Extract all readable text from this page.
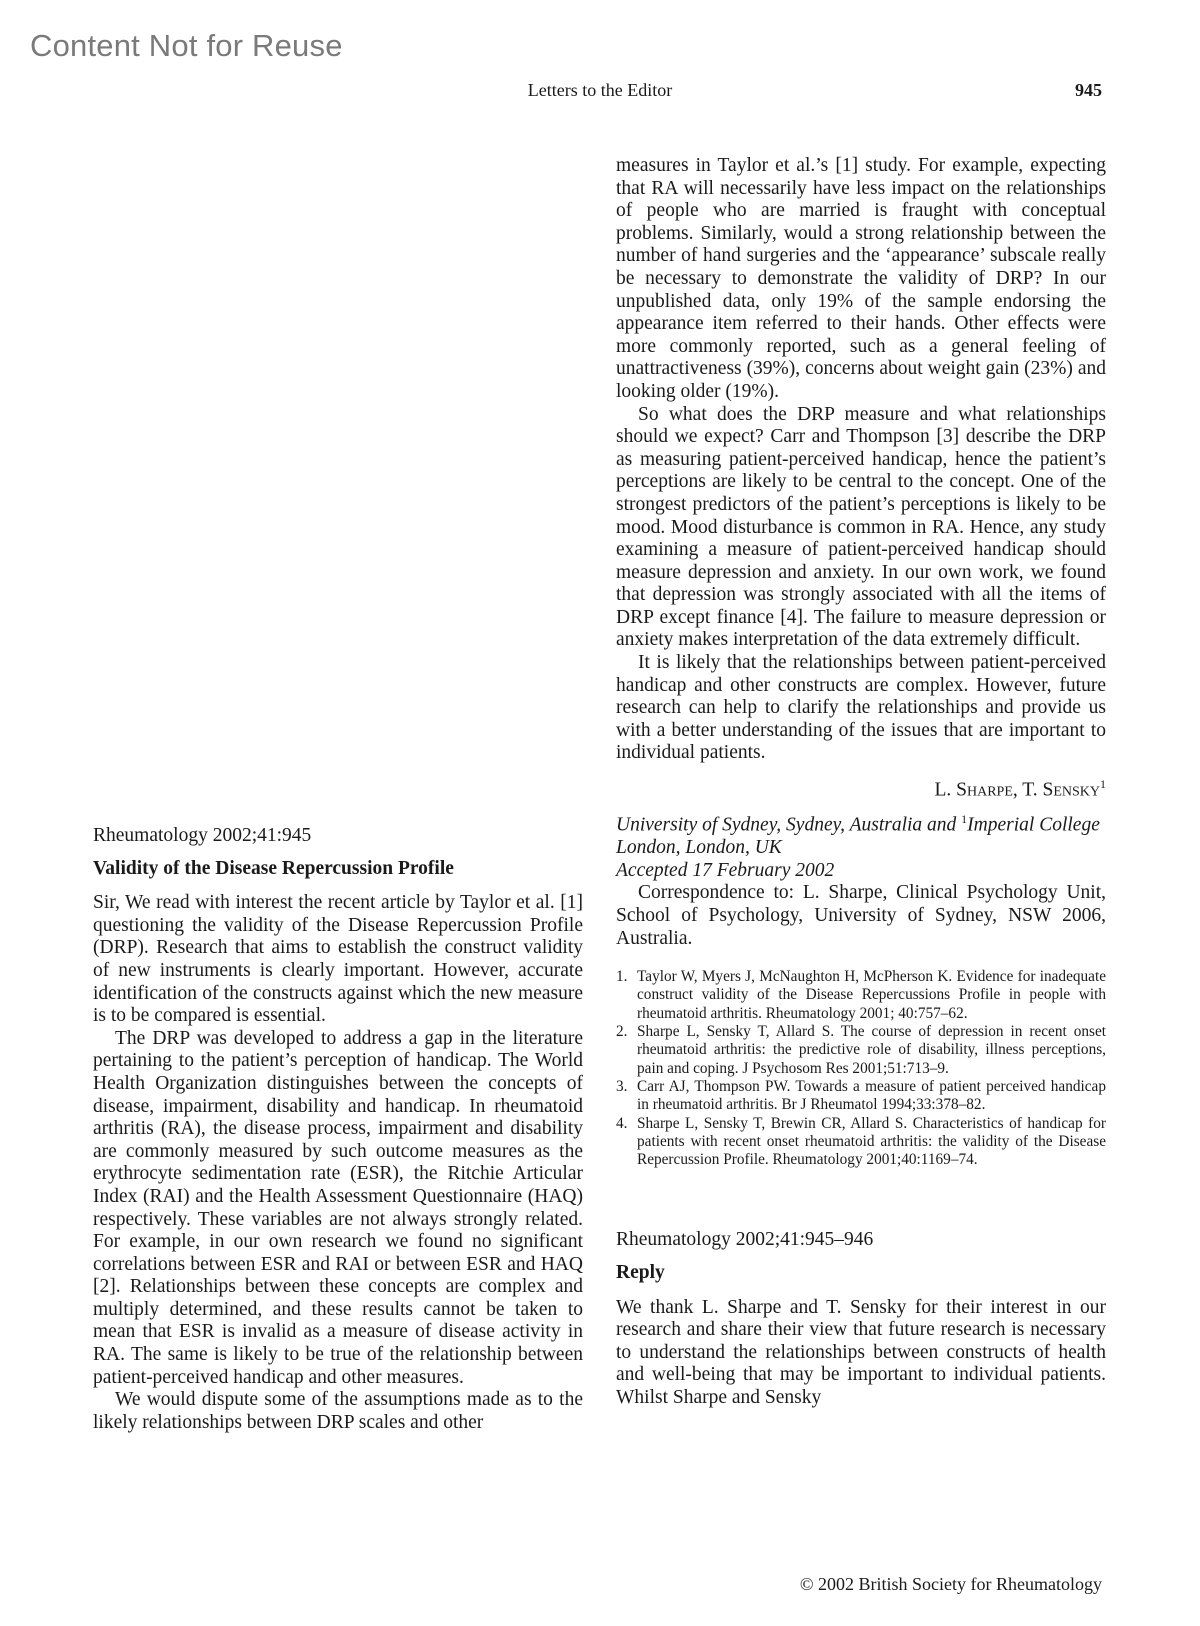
Content Not for Reuse
Letters to the Editor	945

Rheumatology 2002;41:945

Validity of the Disease Repercussion Profile

Sir, We read with interest the recent article by Taylor et al. [1] questioning the validity of the Disease Repercussion Profile (DRP). Research that aims to establish the construct validity of new instruments is clearly important. However, accurate identification of the constructs against which the new measure is to be compared is essential.

The DRP was developed to address a gap in the literature pertaining to the patient’s perception of handicap. The World Health Organization distinguishes between the concepts of disease, impairment, disability and handicap. In rheumatoid arthritis (RA), the disease process, impairment and disability are commonly measured by such outcome measures as the erythrocyte sedimentation rate (ESR), the Ritchie Articular Index (RAI) and the Health Assessment Questionnaire (HAQ) respectively. These variables are not always strongly related. For example, in our own research we found no significant correlations between ESR and RAI or between ESR and HAQ [2]. Relationships between these concepts are complex and multiply determined, and these results cannot be taken to mean that ESR is invalid as a measure of disease activity in RA. The same is likely to be true of the relationship between patient-perceived handicap and other measures.

We would dispute some of the assumptions made as to the likely relationships between DRP scales and other

measures in Taylor et al.’s [1] study. For example, expecting that RA will necessarily have less impact on the relationships of people who are married is fraught with conceptual problems. Similarly, would a strong relationship between the number of hand surgeries and the ‘appearance’ subscale really be necessary to demonstrate the validity of DRP? In our unpublished data, only 19% of the sample endorsing the appearance item referred to their hands. Other effects were more commonly reported, such as a general feeling of unattractiveness (39%), concerns about weight gain (23%) and looking older (19%).

So what does the DRP measure and what relationships should we expect? Carr and Thompson [3] describe the DRP as measuring patient-perceived handicap, hence the patient’s perceptions are likely to be central to the concept. One of the strongest predictors of the patient’s perceptions is likely to be mood. Mood disturbance is common in RA. Hence, any study examining a measure of patient-perceived handicap should measure depression and anxiety. In our own work, we found that depression was strongly associated with all the items of DRP except finance [4]. The failure to measure depression or anxiety makes interpretation of the data extremely difficult.

It is likely that the relationships between patient-perceived handicap and other constructs are complex. However, future research can help to clarify the relationships and provide us with a better understanding of the issues that are important to individual patients.

L. Sharpe, T. Sensky$^1$

University of Sydney, Sydney, Australia and $^1$Imperial College London, London, UK

Accepted 17 February 2002

Correspondence to: L. Sharpe, Clinical Psychology Unit, School of Psychology, University of Sydney, NSW 2006, Australia.

1. Taylor W, Myers J, McNaughton H, McPherson K. Evidence for inadequate construct validity of the Disease Repercussions Profile in people with rheumatoid arthritis. Rheumatology 2001; 40:757–62.
2. Sharpe L, Sensky T, Allard S. The course of depression in recent onset rheumatoid arthritis: the predictive role of disability, illness perceptions, pain and coping. J Psychosom Res 2001;51:713–9.
3. Carr AJ, Thompson PW. Towards a measure of patient perceived handicap in rheumatoid arthritis. Br J Rheumatol 1994;33:378–82.
4. Sharpe L, Sensky T, Brewin CR, Allard S. Characteristics of handicap for patients with recent onset rheumatoid arthritis: the validity of the Disease Repercussion Profile. Rheumatology 2001;40:1169–74.

Rheumatology 2002;41:945–946

Reply

We thank L. Sharpe and T. Sensky for their interest in our research and share their view that future research is necessary to understand the relationships between constructs of health and well-being that may be important to individual patients. Whilst Sharpe and Sensky

© 2002 British Society for Rheumatology
